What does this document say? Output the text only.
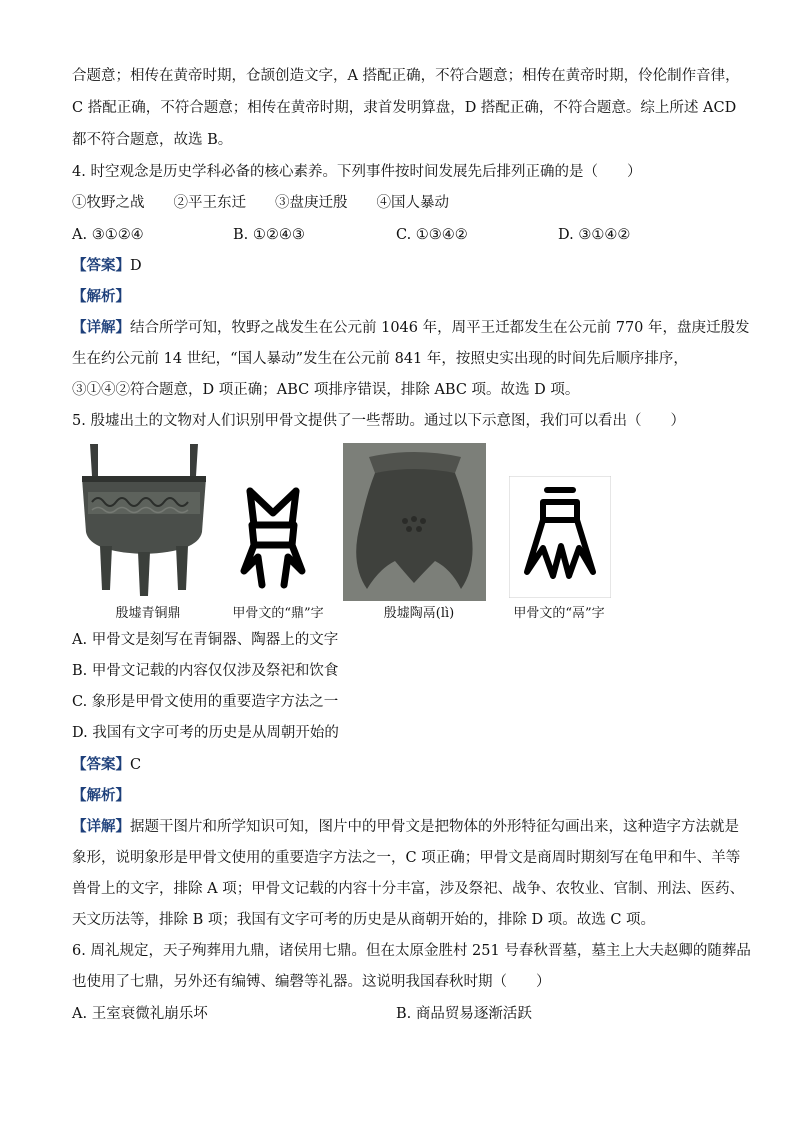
合题意；相传在黄帝时期，仓颉创造文字，A 搭配正确，不符合题意；相传在黄帝时期，伶伦制作音律，
C 搭配正确，不符合题意；相传在黄帝时期，隶首发明算盘，D 搭配正确，不符合题意。综上所述 ACD
都不符合题意，故选 B。
4. 时空观念是历史学科必备的核心素养。下列事件按时间发展先后排列正确的是（　　）
①牧野之战　　②平王东迁　　③盘庚迁殷　　④国人暴动
A. ③①②④	B. ①②④③	C. ①③④②	D. ③①④②
【答案】D
【解析】
【详解】结合所学可知，牧野之战发生在公元前 1046 年，周平王迁都发生在公元前 770 年，盘庚迁殷发
生在约公元前 14 世纪，“国人暴动”发生在公元前 841 年，按照史实出现的时间先后顺序排序，
③①④②符合题意，D 项正确；ABC 项排序错误，排除 ABC 项。故选 D 项。
5. 殷墟出土的文物对人们识别甲骨文提供了一些帮助。通过以下示意图，我们可以看出（　　）
殷墟青铜鼎	甲骨文的“鼎”字	殷墟陶鬲(lì)	甲骨文的“鬲”字
A. 甲骨文是刻写在青铜器、陶器上的文字
B. 甲骨文记载的内容仅仅涉及祭祀和饮食
C. 象形是甲骨文使用的重要造字方法之一
D. 我国有文字可考的历史是从周朝开始的
【答案】C
【解析】
【详解】据题干图片和所学知识可知，图片中的甲骨文是把物体的外形特征勾画出来，这种造字方法就是
象形，说明象形是甲骨文使用的重要造字方法之一，C 项正确；甲骨文是商周时期刻写在龟甲和牛、羊等
兽骨上的文字，排除 A 项；甲骨文记载的内容十分丰富，涉及祭祀、战争、农牧业、官制、刑法、医药、
天文历法等，排除 B 项；我国有文字可考的历史是从商朝开始的，排除 D 项。故选 C 项。
6. 周礼规定，天子殉葬用九鼎，诸侯用七鼎。但在太原金胜村 251 号春秋晋墓，墓主上大夫赵卿的随葬品
也使用了七鼎，另外还有编镈、编磬等礼器。这说明我国春秋时期（　　）
A. 王室衰微礼崩乐坏	B. 商品贸易逐渐活跃
